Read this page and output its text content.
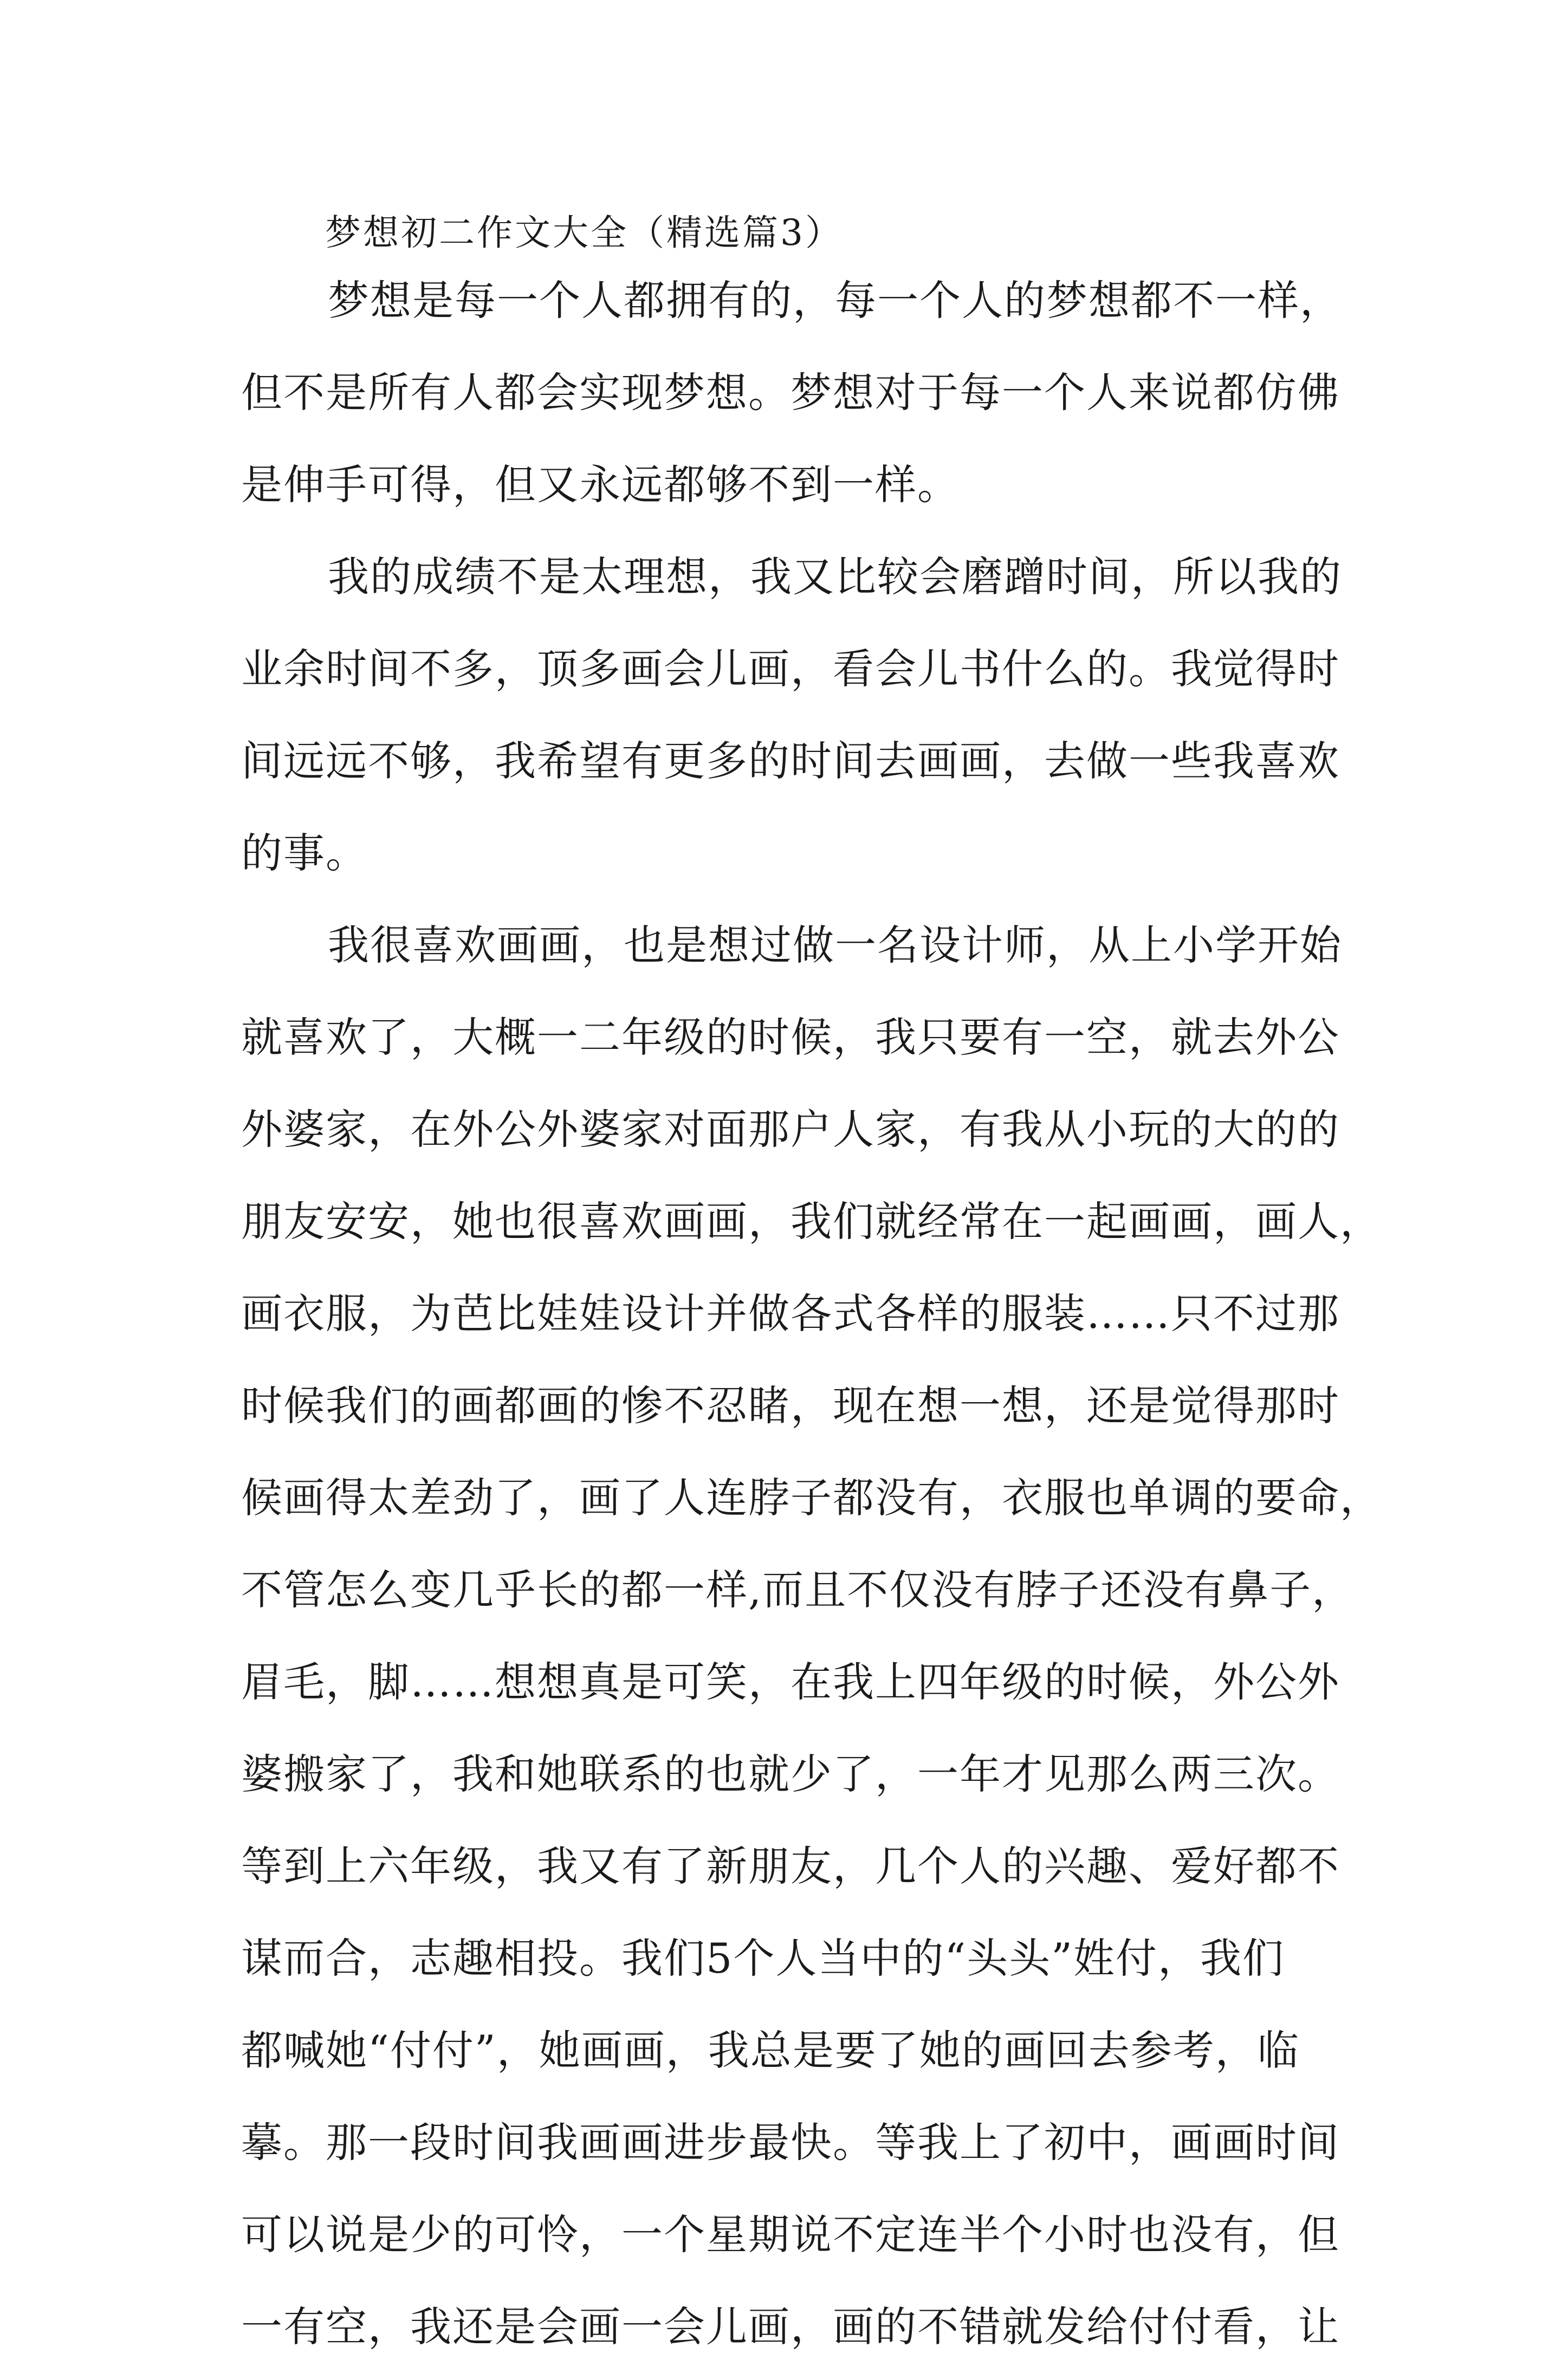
梦想初二作文大全（精选篇3）
梦想是每一个人都拥有的，每一个人的梦想都不一样，
但不是所有人都会实现梦想。梦想对于每一个人来说都仿佛
是伸手可得，但又永远都够不到一样。
我的成绩不是太理想，我又比较会磨蹭时间，所以我的
业余时间不多，顶多画会儿画，看会儿书什么的。我觉得时
间远远不够，我希望有更多的时间去画画，去做一些我喜欢
的事。
我很喜欢画画，也是想过做一名设计师，从上小学开始
就喜欢了，大概一二年级的时候，我只要有一空，就去外公
外婆家，在外公外婆家对面那户人家，有我从小玩的大的的
朋友安安，她也很喜欢画画，我们就经常在一起画画，画人，
画衣服，为芭比娃娃设计并做各式各样的服装……只不过那
时候我们的画都画的惨不忍睹，现在想一想，还是觉得那时
候画得太差劲了，画了人连脖子都没有，衣服也单调的要命，
不管怎么变几乎长的都一样,而且不仅没有脖子还没有鼻子，
眉毛，脚……想想真是可笑，在我上四年级的时候，外公外
婆搬家了，我和她联系的也就少了，一年才见那么两三次。
等到上六年级，我又有了新朋友，几个人的兴趣、爱好都不
谋而合，志趣相投。我们5个人当中的“头头”姓付，我们
都喊她“付付”，她画画，我总是要了她的画回去参考，临
摹。那一段时间我画画进步最快。等我上了初中，画画时间
可以说是少的可怜，一个星期说不定连半个小时也没有，但
一有空，我还是会画一会儿画，画的不错就发给付付看，让
